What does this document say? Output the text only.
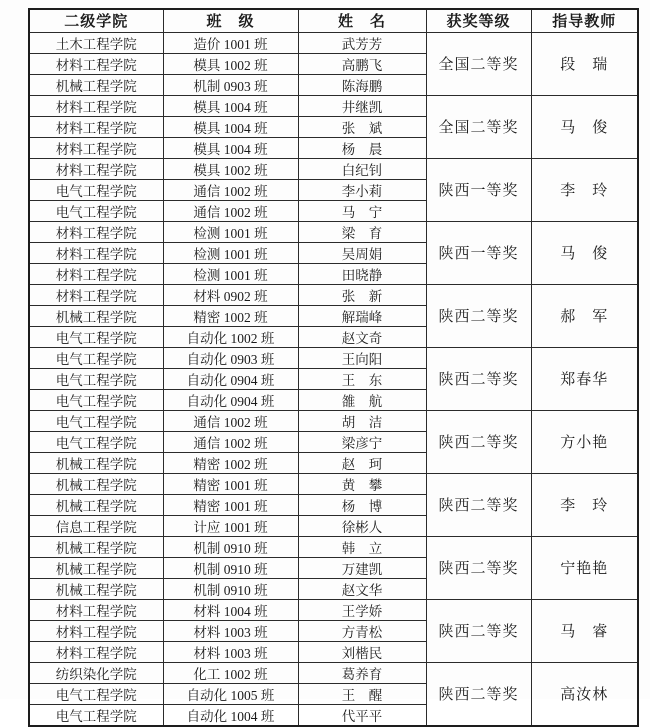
二级学院	班　级	姓　名	获奖等级	指导教师
土木工程学院	造价 1001 班	武芳芳	全国二等奖	段　瑞
材料工程学院	模具 1002 班	高鹏飞		
机械工程学院	机制 0903 班	陈海鹏		
材料工程学院	模具 1004 班	井继凯	全国二等奖	马　俊
材料工程学院	模具 1004 班	张　斌		
材料工程学院	模具 1004 班	杨　晨		
材料工程学院	模具 1002 班	白纪钊	陕西一等奖	李　玲
电气工程学院	通信 1002 班	李小莉		
电气工程学院	通信 1002 班	马　宁		
材料工程学院	检测 1001 班	梁　育	陕西一等奖	马　俊
材料工程学院	检测 1001 班	吴周娟		
材料工程学院	检测 1001 班	田晓静		
材料工程学院	材料 0902 班	张　新	陕西二等奖	郝　军
机械工程学院	精密 1002 班	解瑞峰		
电气工程学院	自动化 1002 班	赵文奇		
电气工程学院	自动化 0903 班	王向阳	陕西二等奖	郑春华
电气工程学院	自动化 0904 班	王　东		
电气工程学院	自动化 0904 班	雒　航		
电气工程学院	通信 1002 班	胡　洁	陕西二等奖	方小艳
电气工程学院	通信 1002 班	梁彦宁		
机械工程学院	精密 1002 班	赵　珂		
机械工程学院	精密 1001 班	黄　攀	陕西二等奖	李　玲
机械工程学院	精密 1001 班	杨　博		
信息工程学院	计应 1001 班	徐彬人		
机械工程学院	机制 0910 班	韩　立	陕西二等奖	宁艳艳
机械工程学院	机制 0910 班	万建凯		
机械工程学院	机制 0910 班	赵文华		
材料工程学院	材料 1004 班	王学娇	陕西二等奖	马　睿
材料工程学院	材料 1003 班	方青松		
材料工程学院	材料 1003 班	刘楷民		
纺织染化学院	化工 1002 班	葛养育	陕西二等奖	高汝林
电气工程学院	自动化 1005 班	王　醒		
电气工程学院	自动化 1004 班	代平平		
